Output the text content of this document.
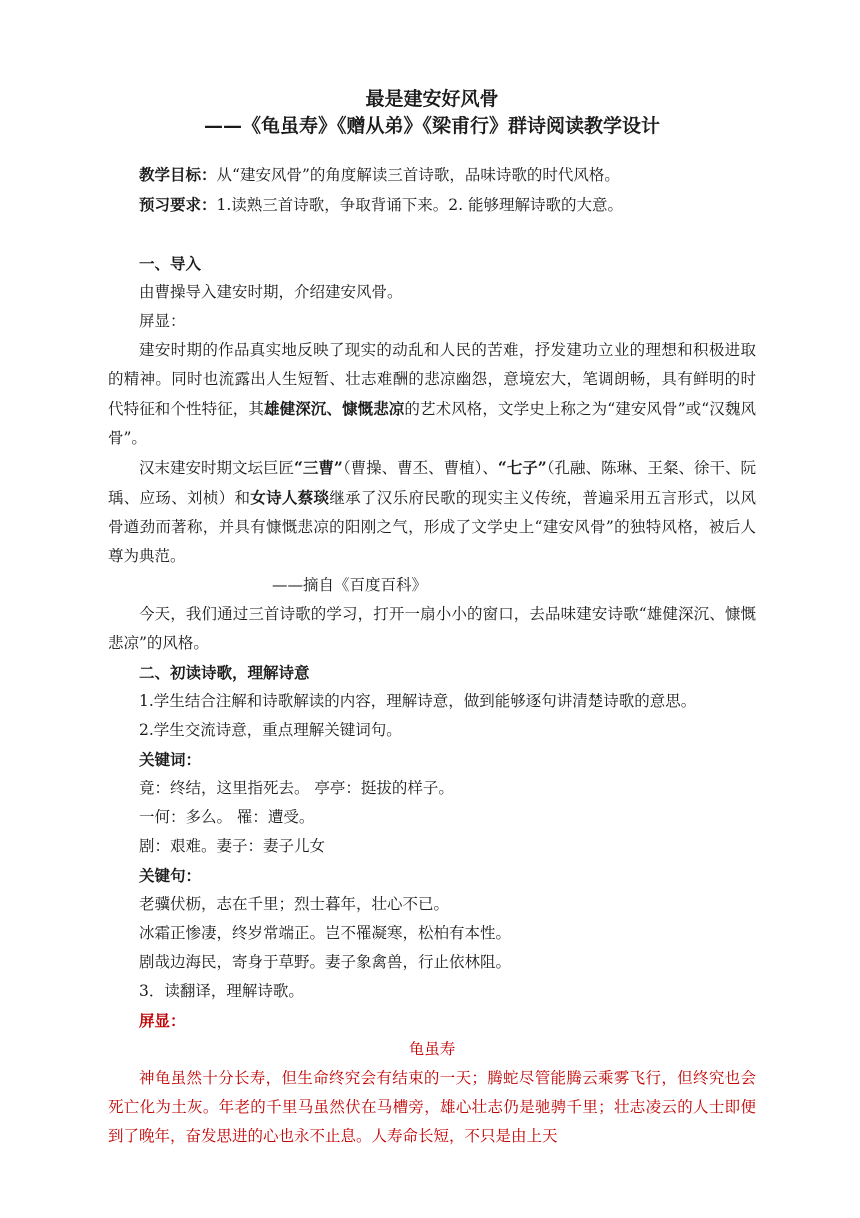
最是建安好风骨
——《龟虽寿》《赠从弟》《梁甫行》群诗阅读教学设计

教学目标：从“建安风骨”的角度解读三首诗歌，品味诗歌的时代风格。

预习要求：1.读熟三首诗歌，争取背诵下来。2. 能够理解诗歌的大意。

一、导入

由曹操导入建安时期，介绍建安风骨。

屏显：

建安时期的作品真实地反映了现实的动乱和人民的苦难，抒发建功立业的理想和积极进取的精神。同时也流露出人生短暂、壮志难酬的悲凉幽怨，意境宏大，笔调朗畅，具有鲜明的时代特征和个性特征，其雄健深沉、慷慨悲凉的艺术风格，文学史上称之为“建安风骨”或“汉魏风骨”。

汉末建安时期文坛巨匠“三曹”（曹操、曹丕、曹植）、“七子”（孔融、陈琳、王粲、徐干、阮瑀、应玚、刘桢）和女诗人蔡琰继承了汉乐府民歌的现实主义传统，普遍采用五言形式，以风骨遒劲而著称，并具有慷慨悲凉的阳刚之气，形成了文学史上“建安风骨”的独特风格，被后人尊为典范。

——摘自《百度百科》

今天，我们通过三首诗歌的学习，打开一扇小小的窗口，去品味建安诗歌“雄健深沉、慷慨悲凉”的风格。

二、初读诗歌，理解诗意

1.学生结合注解和诗歌解读的内容，理解诗意，做到能够逐句讲清楚诗歌的意思。

2.学生交流诗意，重点理解关键词句。

关键词：

竟：终结，这里指死去。 亭亭：挺拔的样子。

一何：多么。 罹：遭受。

剧：艰难。妻子：妻子儿女

关键句：

老骥伏枥，志在千里；烈士暮年，壮心不已。

冰霜正惨凄，终岁常端正。岂不罹凝寒，松柏有本性。

剧哉边海民，寄身于草野。妻子象禽兽，行止依林阻。

3．读翻译，理解诗歌。

屏显：

龟虽寿

神龟虽然十分长寿，但生命终究会有结束的一天；腾蛇尽管能腾云乘雾飞行，但终究也会死亡化为土灰。年老的千里马虽然伏在马槽旁，雄心壮志仍是驰骋千里；壮志凌云的人士即便到了晚年，奋发思进的心也永不止息。人寿命长短，不只是由上天
